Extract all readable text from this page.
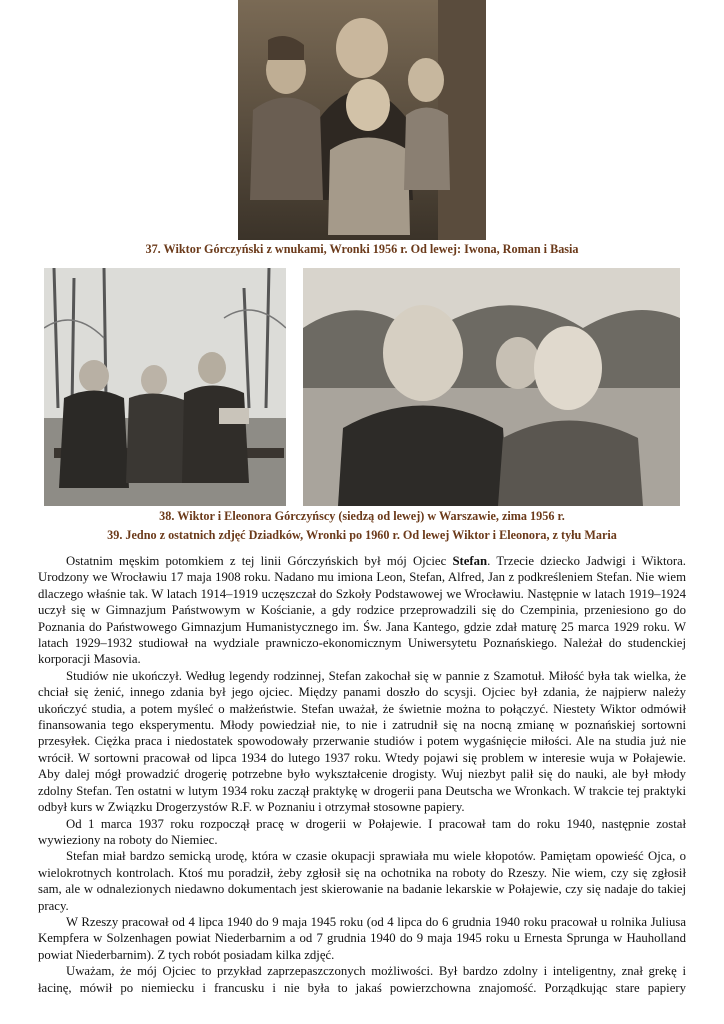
37. Wiktor Górczyński z wnukami, Wronki 1956 r. Od lewej: Iwona, Roman i Basia
38. Wiktor i Eleonora Górczyńscy (siedzą od lewej) w Warszawie, zima 1956 r.
39. Jedno z ostatnich zdjęć Dziadków, Wronki po 1960 r. Od lewej Wiktor i Eleonora, z tyłu Maria

Ostatnim męskim potomkiem z tej linii Górczyńskich był mój Ojciec Stefan. Trzecie dziecko Jadwigi i Wiktora. Urodzony we Wrocławiu 17 maja 1908 roku. Nadano mu imiona Leon, Stefan, Alfred, Jan z podkreśleniem Stefan. Nie wiem dlaczego właśnie tak. W latach 1914–1919 uczęszczał do Szkoły Podstawowej we Wrocławiu. Następnie w latach 1919–1924 uczył się w Gimnazjum Państwowym w Kościanie, a gdy rodzice przeprowadzili się do Czempinia, przeniesiono go do Poznania do Państwowego Gimnazjum Humanistycznego im. Św. Jana Kantego, gdzie zdał maturę 25 marca 1929 roku. W latach 1929–1932 studiował na wydziale prawniczo-ekonomicznym Uniwersytetu Poznańskiego. Należał do studenckiej korporacji Masovia.

Studiów nie ukończył. Według legendy rodzinnej, Stefan zakochał się w pannie z Szamotuł. Miłość była tak wielka, że chciał się żenić, innego zdania był jego ojciec. Między panami doszło do scysji. Ojciec był zdania, że najpierw należy ukończyć studia, a potem myśleć o małżeństwie. Stefan uważał, że świetnie można to połączyć. Niestety Wiktor odmówił finansowania tego eksperymentu. Młody powiedział nie, to nie i zatrudnił się na nocną zmianę w poznańskiej sortowni przesyłek. Ciężka praca i niedostatek spowodowały przerwanie studiów i potem wygaśnięcie miłości. Ale na studia już nie wrócił. W sortowni pracował od lipca 1934 do lutego 1937 roku. Wtedy pojawi się problem w interesie wuja w Połajewie. Aby dalej mógł prowadzić drogerię potrzebne było wykształcenie drogisty. Wuj niezbyt palił się do nauki, ale był młody zdolny Stefan. Ten ostatni w lutym 1934 roku zaczął praktykę w drogerii pana Deutscha we Wronkach. W trakcie tej praktyki odbył kurs w Związku Drogerzystów R.F. w Poznaniu i otrzymał stosowne papiery.

Od 1 marca 1937 roku rozpoczął pracę w drogerii w Połajewie. I pracował tam do roku 1940, następnie został wywieziony na roboty do Niemiec.

Stefan miał bardzo semicką urodę, która w czasie okupacji sprawiała mu wiele kłopotów. Pamiętam opowieść Ojca, o wielokrotnych kontrolach. Ktoś mu poradził, żeby zgłosił się na ochotnika na roboty do Rzeszy. Nie wiem, czy się zgłosił sam, ale w odnalezionych niedawno dokumentach jest skierowanie na badanie lekarskie w Połajewie, czy się nadaje do takiej pracy.

W Rzeszy pracował od 4 lipca 1940 do 9 maja 1945 roku (od 4 lipca do 6 grudnia 1940 roku pracował u rolnika Juliusa Kempfera w Solzenhagen powiat Niederbarnim a od 7 grudnia 1940 do 9 maja 1945 roku u Ernesta Sprunga w Hauholland powiat Niederbarnim). Z tych robót posiadam kilka zdjęć.

Uważam, że mój Ojciec to przykład zaprzepaszczonych możliwości. Był bardzo zdolny i inteligentny, znał grekę i łacinę, mówił po niemiecku i francusku i nie była to jakaś powierzchowna znajomość. Porządkując stare papiery
